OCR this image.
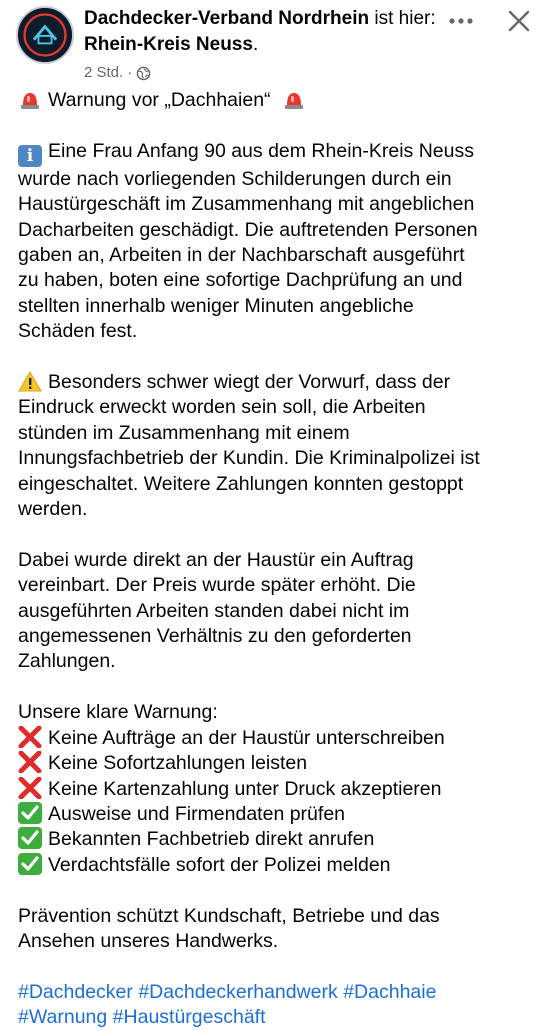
Dachdecker-Verband Nordrhein ist hier: Rhein-Kreis Neuss.
2 Std. ·
Warnung vor „Dachhaien“
i Eine Frau Anfang 90 aus dem Rhein-Kreis Neuss
wurde nach vorliegenden Schilderungen durch ein
Haustürgeschäft im Zusammenhang mit angeblichen
Dacharbeiten geschädigt. Die auftretenden Personen
gaben an, Arbeiten in der Nachbarschaft ausgeführt
zu haben, boten eine sofortige Dachprüfung an und
stellten innerhalb weniger Minuten angebliche
Schäden fest.
Besonders schwer wiegt der Vorwurf, dass der
Eindruck erweckt worden sein soll, die Arbeiten
stünden im Zusammenhang mit einem
Innungsfachbetrieb der Kundin. Die Kriminalpolizei ist
eingeschaltet. Weitere Zahlungen konnten gestoppt
werden.
Dabei wurde direkt an der Haustür ein Auftrag
vereinbart. Der Preis wurde später erhöht. Die
ausgeführten Arbeiten standen dabei nicht im
angemessenen Verhältnis zu den geforderten
Zahlungen.
Unsere klare Warnung:
Keine Aufträge an der Haustür unterschreiben
Keine Sofortzahlungen leisten
Keine Kartenzahlung unter Druck akzeptieren
Ausweise und Firmendaten prüfen
Bekannten Fachbetrieb direkt anrufen
Verdachtsfälle sofort der Polizei melden
Prävention schützt Kundschaft, Betriebe und das
Ansehen unseres Handwerks.
#Dachdecker #Dachdeckerhandwerk #Dachhaie
#Warnung #Haustürgeschäft
